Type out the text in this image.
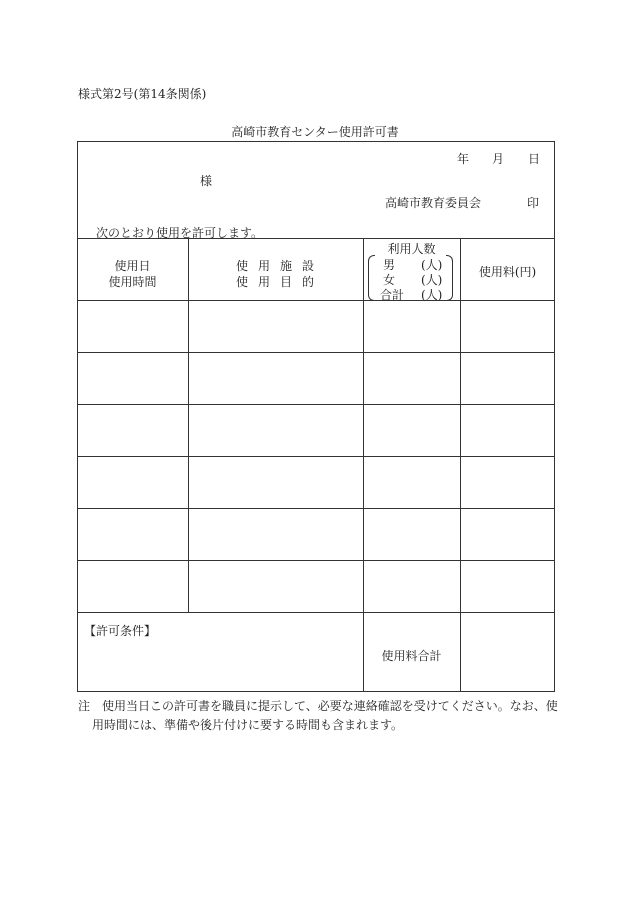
様式第2号(第14条関係)
高崎市教育センター使用許可書
年 月 日
様
高崎市教育委員会	印
次のとおり使用を許可します。
使用日
使用時間
使用施設
使用目的
利用人数
男 (人)
女 (人)
合計 (人)
使用料(円)
【許可条件】
使用料合計
注　使用当日この許可書を職員に提示して、必要な連絡確認を受けてください。なお、使
用時間には、準備や後片付けに要する時間も含まれます。
